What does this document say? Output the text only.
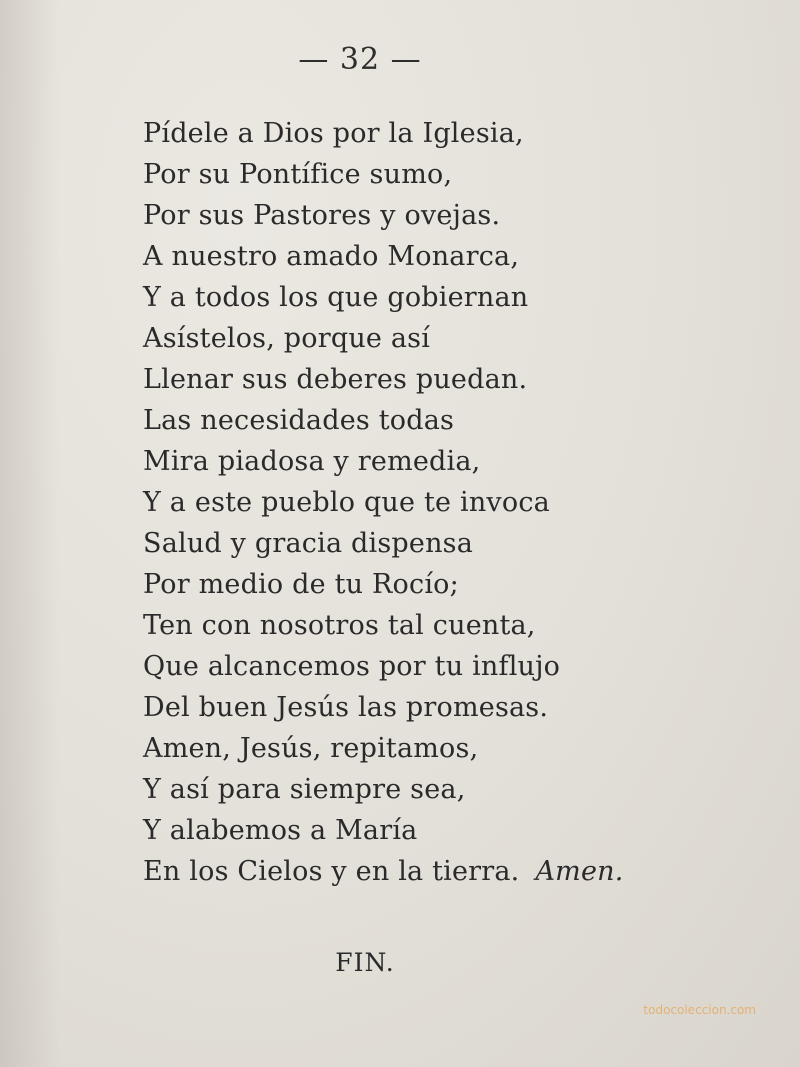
— 32 —
Pídele a Dios por la Iglesia,
Por su Pontífice sumo,
Por sus Pastores y ovejas.
A nuestro amado Monarca,
Y a todos los que gobiernan
Asístelos, porque así
Llenar sus deberes puedan.
Las necesidades todas
Mira piadosa y remedia,
Y a este pueblo que te invoca
Salud y gracia dispensa
Por medio de tu Rocío;
Ten con nosotros tal cuenta,
Que alcancemos por tu influjo
Del buen Jesús las promesas.
Amen, Jesús, repitamos,
Y así para siempre sea,
Y alabemos a María
En los Cielos y en la tierra. Amen.
FIN.
todocoleccion.com
